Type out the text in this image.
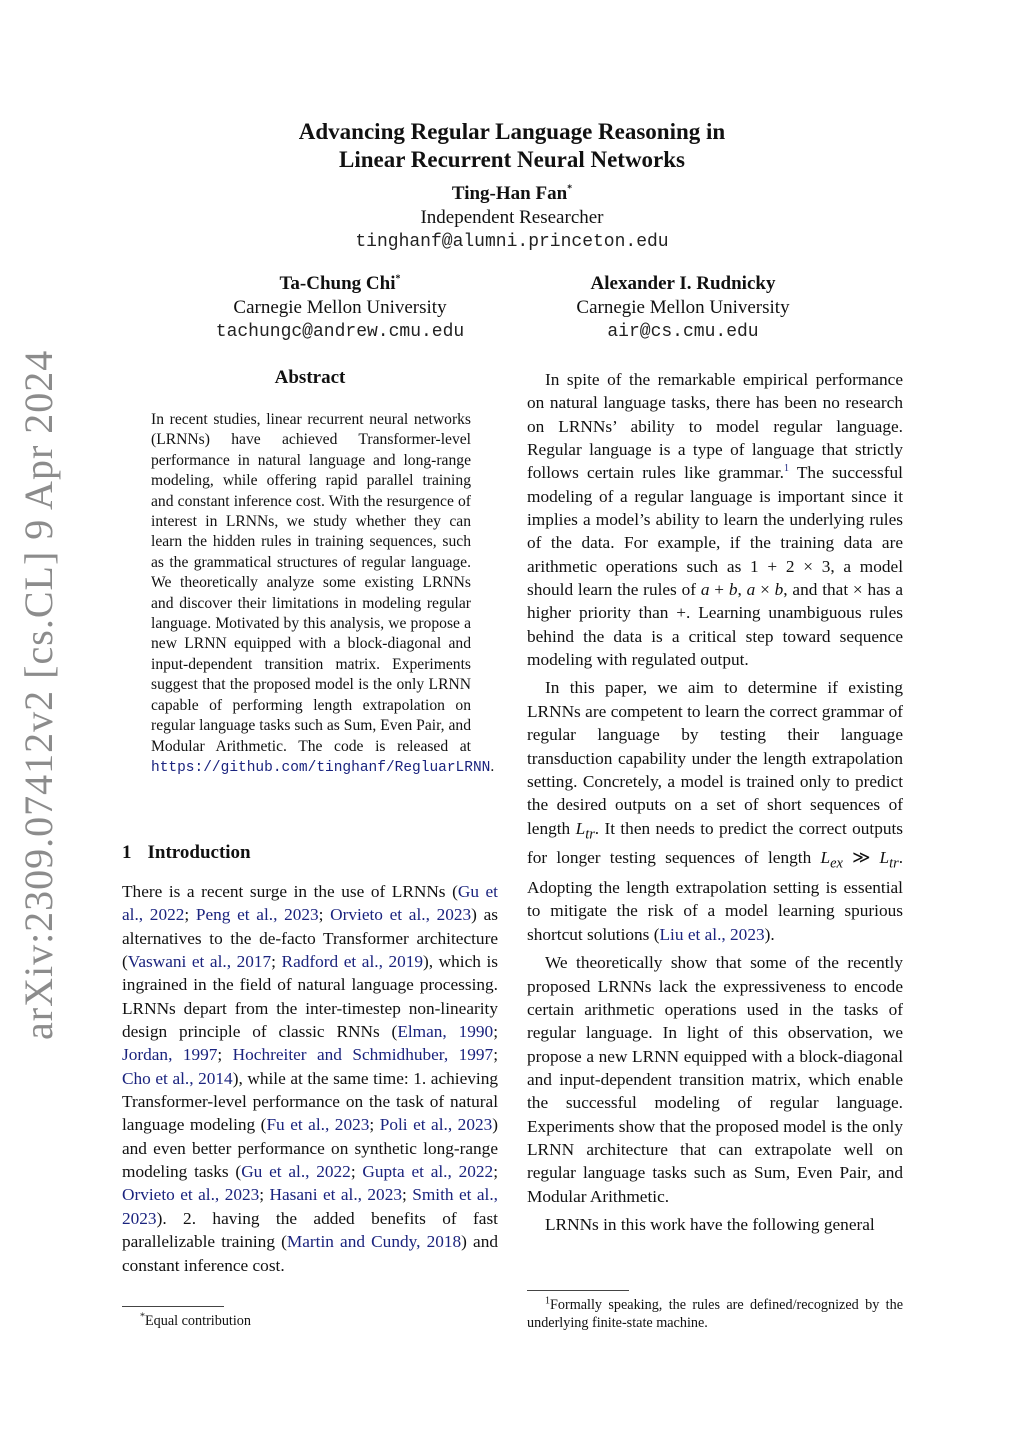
arXiv:2309.07412v2 [cs.CL] 9 Apr 2024
Advancing Regular Language Reasoning in
Linear Recurrent Neural Networks
Ting-Han Fan*
Independent Researcher
tinghanf@alumni.princeton.edu
Ta-Chung Chi*
Carnegie Mellon University
tachungc@andrew.cmu.edu
Alexander I. Rudnicky
Carnegie Mellon University
air@cs.cmu.edu
Abstract
In recent studies, linear recurrent neural networks (LRNNs) have achieved Transformer-level performance in natural language and long-range modeling, while offering rapid parallel training and constant inference cost. With the resurgence of interest in LRNNs, we study whether they can learn the hidden rules in training sequences, such as the grammatical structures of regular language. We theoretically analyze some existing LRNNs and discover their limitations in modeling regular language. Motivated by this analysis, we propose a new LRNN equipped with a block-diagonal and input-dependent transition matrix. Experiments suggest that the proposed model is the only LRNN capable of performing length extrapolation on regular language tasks such as Sum, Even Pair, and Modular Arithmetic. The code is released at https://github.com/tinghanf/RegluarLRNN.
1 Introduction

There is a recent surge in the use of LRNNs (Gu et al., 2022; Peng et al., 2023; Orvieto et al., 2023) as alternatives to the de-facto Transformer architecture (Vaswani et al., 2017; Radford et al., 2019), which is ingrained in the field of natural language processing. LRNNs depart from the inter-timestep non-linearity design principle of classic RNNs (Elman, 1990; Jordan, 1997; Hochreiter and Schmidhuber, 1997; Cho et al., 2014), while at the same time: 1. achieving Transformer-level performance on the task of natural language modeling (Fu et al., 2023; Poli et al., 2023) and even better performance on synthetic long-range modeling tasks (Gu et al., 2022; Gupta et al., 2022; Orvieto et al., 2023; Hasani et al., 2023; Smith et al., 2023). 2. having the added benefits of fast parallelizable training (Martin and Cundy, 2018) and constant inference cost.

*Equal contribution

In spite of the remarkable empirical performance on natural language tasks, there has been no research on LRNNs’ ability to model regular language. Regular language is a type of language that strictly follows certain rules like grammar.$^1$ The successful modeling of a regular language is important since it implies a model’s ability to learn the underlying rules of the data. For example, if the training data are arithmetic operations such as 1 + 2 × 3, a model should learn the rules of a + b, a × b, and that × has a higher priority than +. Learning unambiguous rules behind the data is a critical step toward sequence modeling with regulated output.

In this paper, we aim to determine if existing LRNNs are competent to learn the correct grammar of regular language by testing their language transduction capability under the length extrapolation setting. Concretely, a model is trained only to predict the desired outputs on a set of short sequences of length $L_{tr}$. It then needs to predict the correct outputs for longer testing sequences of length $L_{ex}$ ≫ $L_{tr}$. Adopting the length extrapolation setting is essential to mitigate the risk of a model learning spurious shortcut solutions (Liu et al., 2023).

We theoretically show that some of the recently proposed LRNNs lack the expressiveness to encode certain arithmetic operations used in the tasks of regular language. In light of this observation, we propose a new LRNN equipped with a block-diagonal and input-dependent transition matrix, which enable the successful modeling of regular language. Experiments show that the proposed model is the only LRNN architecture that can extrapolate well on regular language tasks such as Sum, Even Pair, and Modular Arithmetic.

LRNNs in this work have the following general

$^1$Formally speaking, the rules are defined/recognized by the underlying finite-state machine.
